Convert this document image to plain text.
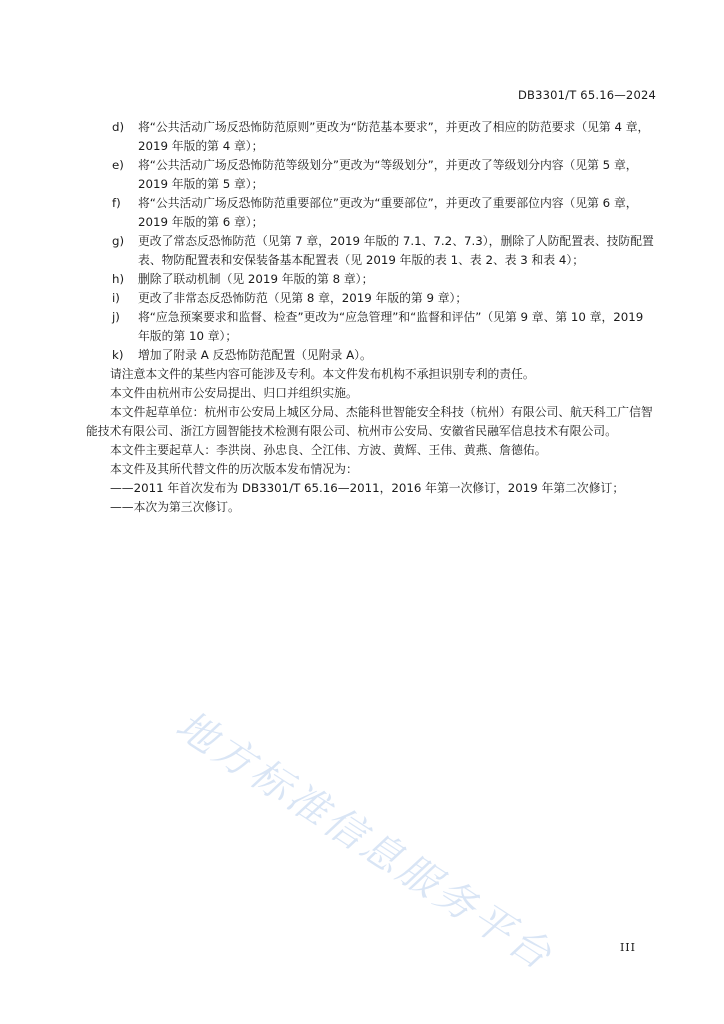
DB3301/T 65.16—2024
d)	将“公共活动广场反恐怖防范原则”更改为“防范基本要求”，并更改了相应的防范要求（见第 4 章，2019 年版的第 4 章）；
e)	将“公共活动广场反恐怖防范等级划分”更改为“等级划分”，并更改了等级划分内容（见第 5 章，2019 年版的第 5 章）；
f)	将“公共活动广场反恐怖防范重要部位”更改为“重要部位”，并更改了重要部位内容（见第 6 章，2019 年版的第 6 章）；
g)	更改了常态反恐怖防范（见第 7 章，2019 年版的 7.1、7.2、7.3），删除了人防配置表、技防配置表、物防配置表和安保装备基本配置表（见 2019 年版的表 1、表 2、表 3 和表 4）；
h)	删除了联动机制（见 2019 年版的第 8 章）；
i)	更改了非常态反恐怖防范（见第 8 章，2019 年版的第 9 章）；
j)	将“应急预案要求和监督、检查”更改为“应急管理”和“监督和评估”（见第 9 章、第 10 章，2019 年版的第 10 章）；
k)	增加了附录 A 反恐怖防范配置（见附录 A）。

请注意本文件的某些内容可能涉及专利。本文件发布机构不承担识别专利的责任。

本文件由杭州市公安局提出、归口并组织实施。

本文件起草单位：杭州市公安局上城区分局、杰能科世智能安全科技（杭州）有限公司、航天科工广信智能技术有限公司、浙江方圆智能技术检测有限公司、杭州市公安局、安徽省民融军信息技术有限公司。

本文件主要起草人：李洪岗、孙忠良、仝江伟、方波、黄辉、王伟、黄燕、詹德佑。

本文件及其所代替文件的历次版本发布情况为：

——2011 年首次发布为 DB3301/T 65.16—2011，2016 年第一次修订，2019 年第二次修订；

——本次为第三次修订。

地方标准信息服务平台	III
